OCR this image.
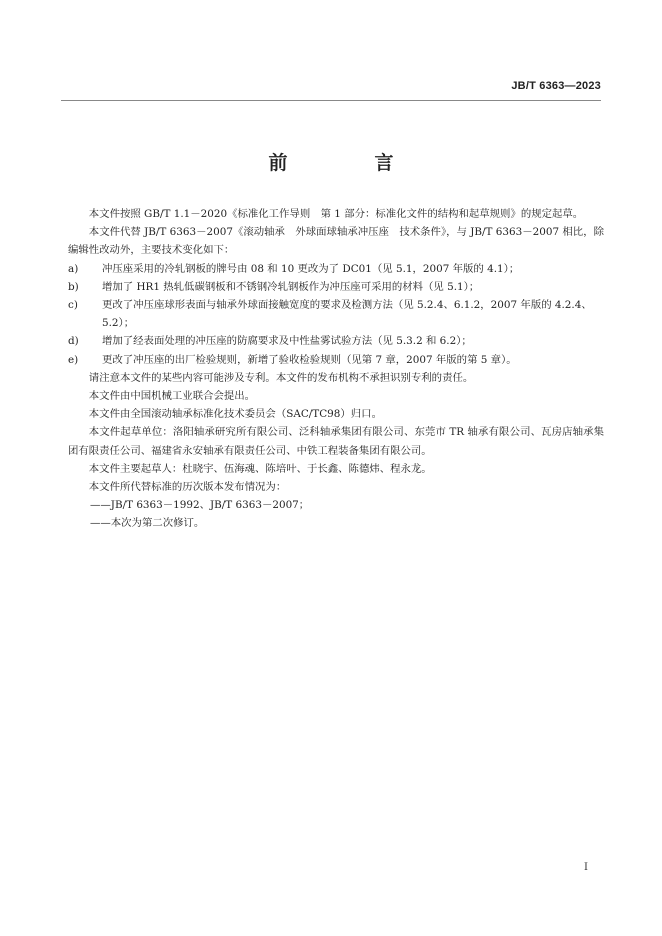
JB/T 6363—2023
前　言

本文件按照 GB/T 1.1－2020《标准化工作导则　第 1 部分：标准化文件的结构和起草规则》的规定起草。

本文件代替 JB/T 6363－2007《滚动轴承　外球面球轴承冲压座　技术条件》，与 JB/T 6363－2007 相比，除编辑性改动外，主要技术变化如下：

a) 冲压座采用的冷轧钢板的牌号由 08 和 10 更改为了 DC01（见 5.1，2007 年版的 4.1）；

b) 增加了 HR1 热轧低碳钢板和不锈钢冷轧钢板作为冲压座可采用的材料（见 5.1）；

c) 更改了冲压座球形表面与轴承外球面接触宽度的要求及检测方法（见 5.2.4、6.1.2，2007 年版的 4.2.4、5.2）；

d) 增加了经表面处理的冲压座的防腐要求及中性盐雾试验方法（见 5.3.2 和 6.2）；

e) 更改了冲压座的出厂检验规则，新增了验收检验规则（见第 7 章，2007 年版的第 5 章）。

请注意本文件的某些内容可能涉及专利。本文件的发布机构不承担识别专利的责任。

本文件由中国机械工业联合会提出。

本文件由全国滚动轴承标准化技术委员会（SAC/TC98）归口。

本文件起草单位：洛阳轴承研究所有限公司、泛科轴承集团有限公司、东莞市 TR 轴承有限公司、瓦房店轴承集团有限责任公司、福建省永安轴承有限责任公司、中铁工程装备集团有限公司。

本文件主要起草人：杜晓宇、伍海魂、陈培叶、于长鑫、陈德炜、程永龙。

本文件所代替标准的历次版本发布情况为：

——JB/T 6363－1992、JB/T 6363－2007；

——本次为第二次修订。

I
